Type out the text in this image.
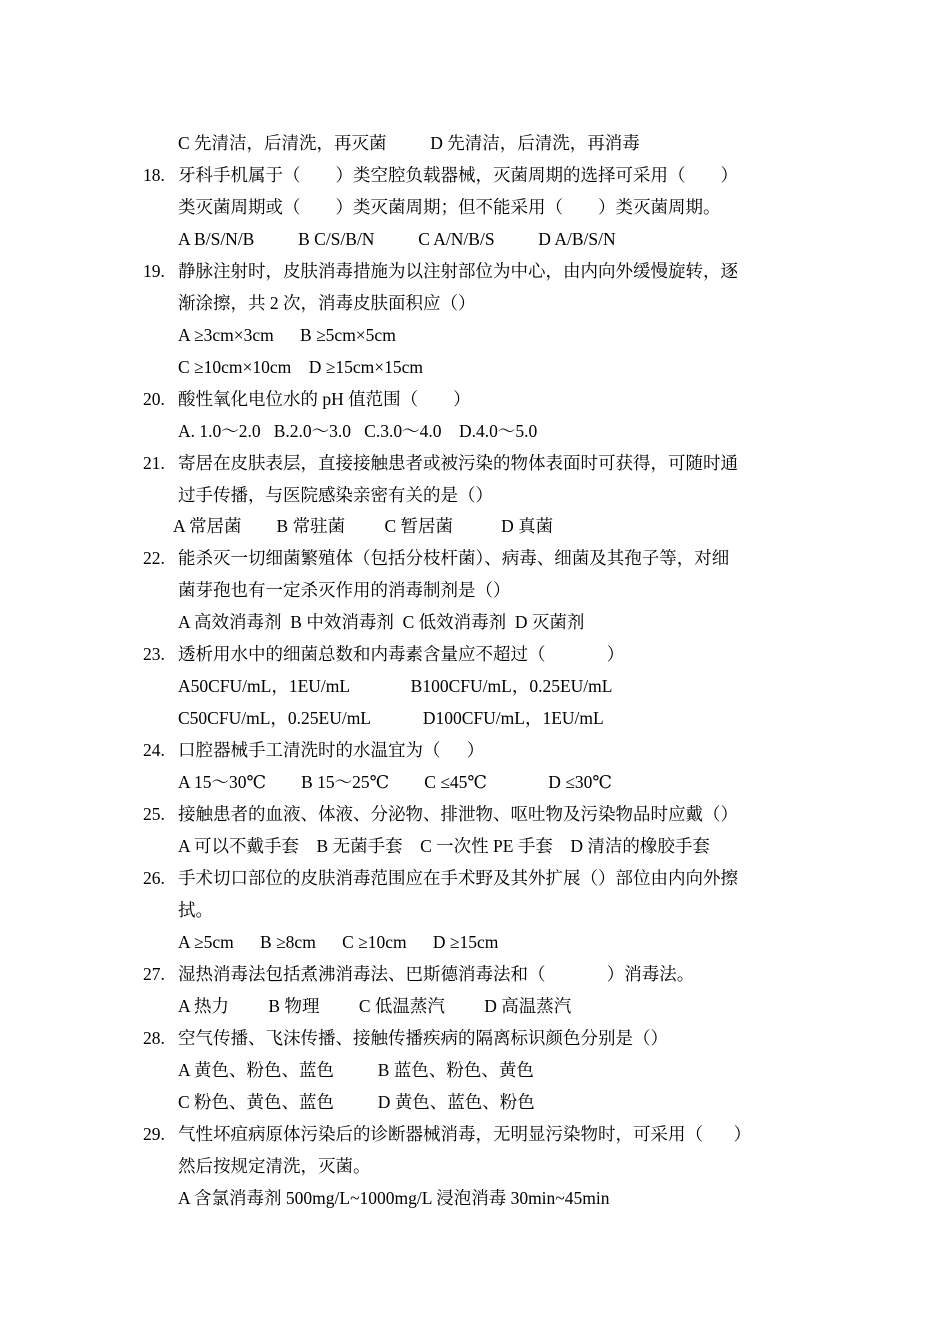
C 先清洁，后清洗，再灭菌          D 先清洁，后清洗，再消毒
18. 牙科手机属于（        ）类空腔负载器械，灭菌周期的选择可采用（        ）
类灭菌周期或（        ）类灭菌周期；但不能采用（        ）类灭菌周期。
A B/S/N/B          B C/S/B/N          C A/N/B/S          D A/B/S/N
19. 静脉注射时，皮肤消毒措施为以注射部位为中心，由内向外缓慢旋转，逐
渐涂擦，共 2 次，消毒皮肤面积应（）
A ≥3cm×3cm      B ≥5cm×5cm
C ≥10cm×10cm    D ≥15cm×15cm
20. 酸性氧化电位水的 pH 值范围（        ）
A. 1.0～2.0   B.2.0～3.0   C.3.0～4.0    D.4.0～5.0
21. 寄居在皮肤表层，直接接触患者或被污染的物体表面时可获得，可随时通
过手传播，与医院感染亲密有关的是（）
A 常居菌        B 常驻菌         C 暂居菌           D 真菌
22. 能杀灭一切细菌繁殖体（包括分枝杆菌）、病毒、细菌及其孢子等，对细
菌芽孢也有一定杀灭作用的消毒制剂是（）
A 高效消毒剂  B 中效消毒剂  C 低效消毒剂  D 灭菌剂
23. 透析用水中的细菌总数和内毒素含量应不超过（              ）
A50CFU/mL，1EU/mL              B100CFU/mL，0.25EU/mL
C50CFU/mL，0.25EU/mL            D100CFU/mL，1EU/mL
24. 口腔器械手工清洗时的水温宜为（      ）
A 15～30℃        B 15～25℃        C ≤45℃              D ≤30℃
25. 接触患者的血液、体液、分泌物、排泄物、呕吐物及污染物品时应戴（）
A 可以不戴手套    B 无菌手套    C 一次性 PE 手套    D 清洁的橡胶手套
26. 手术切口部位的皮肤消毒范围应在手术野及其外扩展（）部位由内向外擦
拭。
A ≥5cm      B ≥8cm      C ≥10cm      D ≥15cm
27. 湿热消毒法包括煮沸消毒法、巴斯德消毒法和（              ）消毒法。
A 热力         B 物理         C 低温蒸汽         D 高温蒸汽
28. 空气传播、飞沫传播、接触传播疾病的隔离标识颜色分别是（）
A 黄色、粉色、蓝色          B 蓝色、粉色、黄色
C 粉色、黄色、蓝色          D 黄色、蓝色、粉色
29. 气性坏疽病原体污染后的诊断器械消毒，无明显污染物时，可采用（       ）
然后按规定清洗，灭菌。
A 含氯消毒剂 500mg/L~1000mg/L 浸泡消毒 30min~45min
